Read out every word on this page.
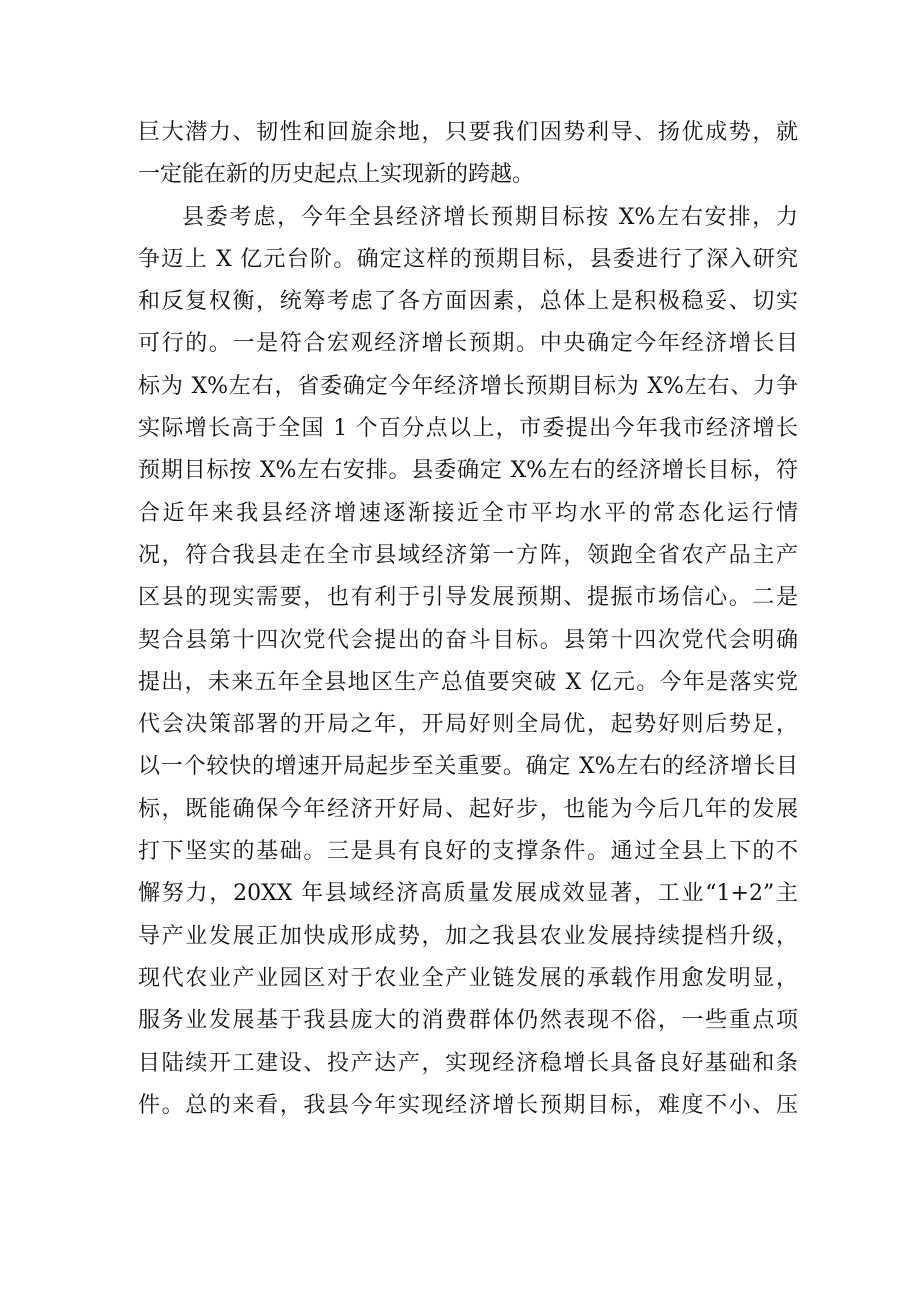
巨大潜力、韧性和回旋余地，只要我们因势利导、扬优成势，就
一定能在新的历史起点上实现新的跨越。
县委考虑，今年全县经济增长预期目标按 X%左右安排，力
争迈上 X 亿元台阶。确定这样的预期目标，县委进行了深入研究
和反复权衡，统筹考虑了各方面因素，总体上是积极稳妥、切实
可行的。一是符合宏观经济增长预期。中央确定今年经济增长目
标为 X%左右，省委确定今年经济增长预期目标为 X%左右、力争
实际增长高于全国 1 个百分点以上，市委提出今年我市经济增长
预期目标按 X%左右安排。县委确定 X%左右的经济增长目标，符
合近年来我县经济增速逐渐接近全市平均水平的常态化运行情
况，符合我县走在全市县域经济第一方阵，领跑全省农产品主产
区县的现实需要，也有利于引导发展预期、提振市场信心。二是
契合县第十四次党代会提出的奋斗目标。县第十四次党代会明确
提出，未来五年全县地区生产总值要突破 X 亿元。今年是落实党
代会决策部署的开局之年，开局好则全局优，起势好则后势足，
以一个较快的增速开局起步至关重要。确定 X%左右的经济增长目
标，既能确保今年经济开好局、起好步，也能为今后几年的发展
打下坚实的基础。三是具有良好的支撑条件。通过全县上下的不
懈努力，20XX 年县域经济高质量发展成效显著，工业“1+2”主
导产业发展正加快成形成势，加之我县农业发展持续提档升级，
现代农业产业园区对于农业全产业链发展的承载作用愈发明显，
服务业发展基于我县庞大的消费群体仍然表现不俗，一些重点项
目陆续开工建设、投产达产，实现经济稳增长具备良好基础和条
件。总的来看，我县今年实现经济增长预期目标，难度不小、压
